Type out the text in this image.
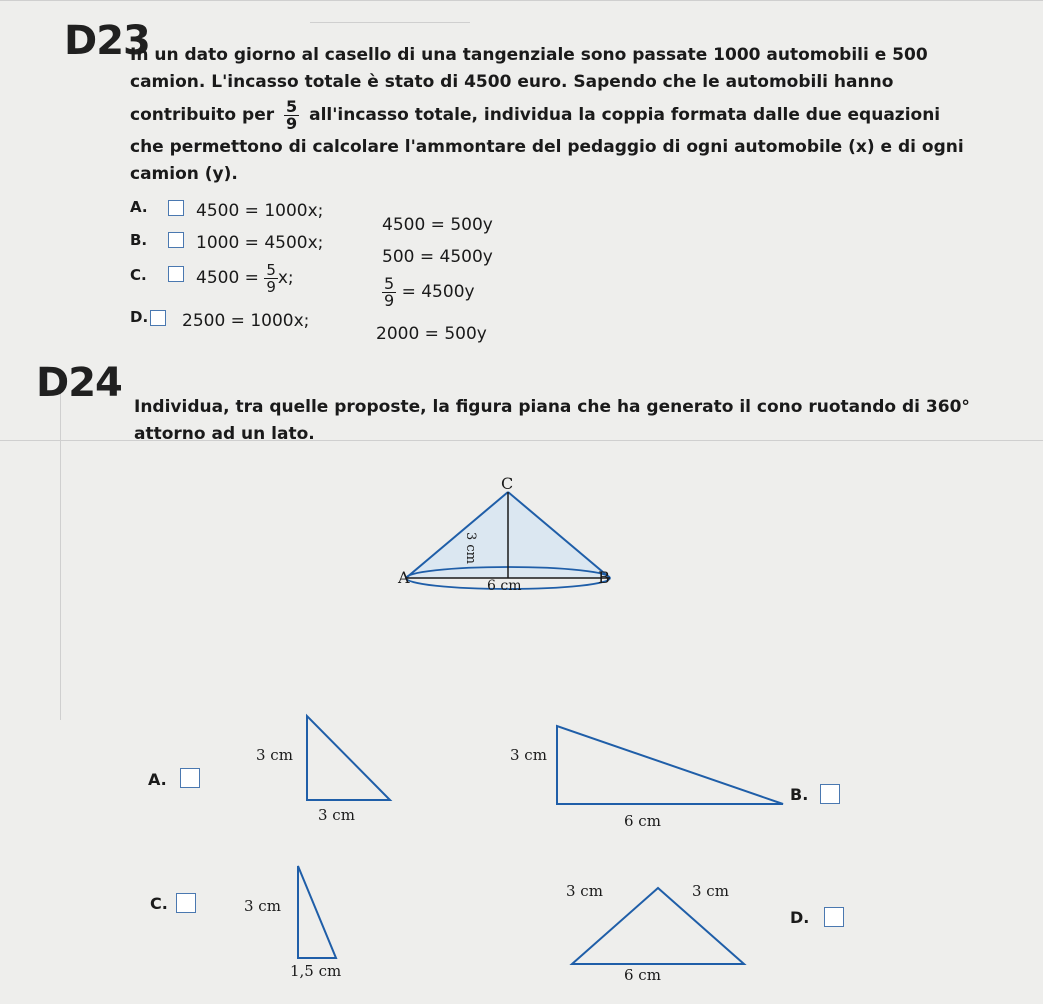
D23
In un dato giorno al casello di una tangenziale sono passate 1000 automobili e 500
camion. L'incasso totale è stato di 4500 euro. Sapendo che le automobili hanno
contribuito per $\frac{5}{9}$ all'incasso totale, individua la coppia formata dalle due equazioni
che permettono di calcolare l'ammontare del pedaggio di ogni automobile (x) e di ogni
camion (y).
A.	4500 = 1000x;
4500 = 500y
B.	1000 = 4500x;
500 = 4500y
C.	$4500 = \frac{5}{9} x$;	$\frac{5}{9} = 4500y$
D. 2500 = 1000x;
2000 = 500y
D24
Individua, tra quelle proposte, la figura piana che ha generato il cono ruotando di 360°
attorno ad un lato.
C
A	B
3 cm
6 cm
A.
3 cm
3 cm
3 cm
6 cm
B.
C.	3 cm
1,5 cm
3 cm	3 cm
6 cm
D.
